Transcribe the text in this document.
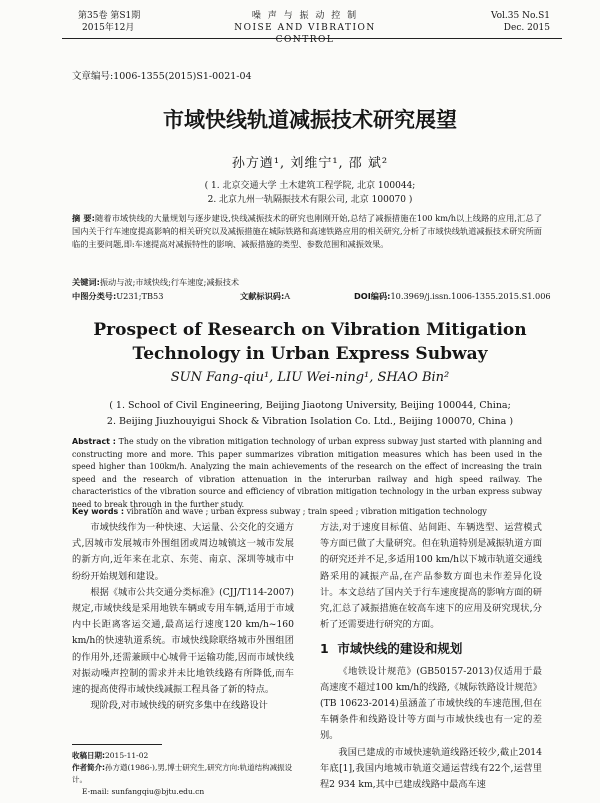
第35卷 第S1期
2015年12月
噪 声 与 振 动 控 制
NOISE AND VIBRATION CONTROL
Vol.35 No.S1
Dec. 2015
文章编号:1006-1355(2015)S1-0021-04
市域快线轨道减振技术研究展望
孙方遒¹, 刘维宁¹, 邵 斌²
( 1. 北京交通大学 土木建筑工程学院, 北京 100044;
2. 北京九州一轨隔振技术有限公司, 北京 100070 )
摘 要:随着市域快线的大量规划与逐步建设,快线减振技术的研究也刚刚开始,总结了减振措施在100 km/h以上线路的应用,汇总了国内关于行车速度提高影响的相关研究以及减振措施在城际铁路和高速铁路应用的相关研究,分析了市域快线轨道减振技术研究所面临的主要问题,即:车速提高对减振特性的影响、减振措施的类型、参数范围和减振效果。
关键词:振动与波;市域快线;行车速度;减振技术
中图分类号:U231;TB53	文献标识码:A	DOI编码:10.3969/j.issn.1006-1355.2015.S1.006
Prospect of Research on Vibration Mitigation Technology in Urban Express Subway
SUN Fang-qiu¹, LIU Wei-ning¹, SHAO Bin²
( 1. School of Civil Engineering, Beijing Jiaotong University, Beijing 100044, China;
2. Beijing Jiuzhouyigui Shock & Vibration Isolation Co. Ltd., Beijing 100070, China )
Abstract : The study on the vibration mitigation technology of urban express subway just started with planning and constructing more and more. This paper summarizes vibration mitigation measures which has been used in the speed higher than 100km/h. Analyzing the main achievements of the research on the effect of increasing the train speed and the research of vibration attenuation in the interurban railway and high speed railway. The characteristics of the vibration source and efficiency of vibration mitigation technology in the urban express subway need to break through in the further study.
Key words : vibration and wave ; urban express subway ; train speed ; vibration mitigation technology

市域快线作为一种快速、大运量、公交化的交通方式,因城市发展城市外围组团或周边城镇这一城市发展的新方向,近年来在北京、东莞、南京、深圳等城市中纷纷开始规划和建设。

根据《城市公共交通分类标准》(CJJ/T114-2007)规定,市域快线是采用地铁车辆或专用车辆,适用于市域内中长距离客运交通,最高运行速度120 km/h~160 km/h的快速轨道系统。市域快线除联络城市外围组团的作用外,还需兼顾中心城骨干运输功能,因而市域快线对振动噪声控制的需求并未比地铁线路有所降低,而车速的提高使得市域快线减振工程具备了新的特点。

现阶段,对市域快线的研究多集中在线路设计

方法,对于速度目标值、站间距、车辆选型、运营模式等方面已做了大量研究。但在轨道特别是减振轨道方面的研究还并不足,多适用100 km/h以下城市轨道交通线路采用的减振产品,在产品参数方面也未作差异化设计。本文总结了国内关于行车速度提高的影响方面的研究,汇总了减振措施在较高车速下的应用及研究现状,分析了还需要进行研究的方面。

1 市域快线的建设和规划

《地铁设计规范》(GB50157-2013)仅适用于最高速度不超过100 km/h的线路,《城际铁路设计规范》(TB 10623-2014)虽涵盖了市域快线的车速范围,但在车辆条件和线路设计等方面与市域快线也有一定的差别。

我国已建成的市域快速轨道线路还较少,截止2014年底[1],我国内地城市轨道交通运营线有22个,运营里程2 934 km,其中已建成线路中最高车速

收稿日期:2015-11-02
作者简介:孙方遒(1986-),男,博士研究生,研究方向:轨道结构减振设计。
E-mail: sunfangqiu@bjtu.edu.cn
